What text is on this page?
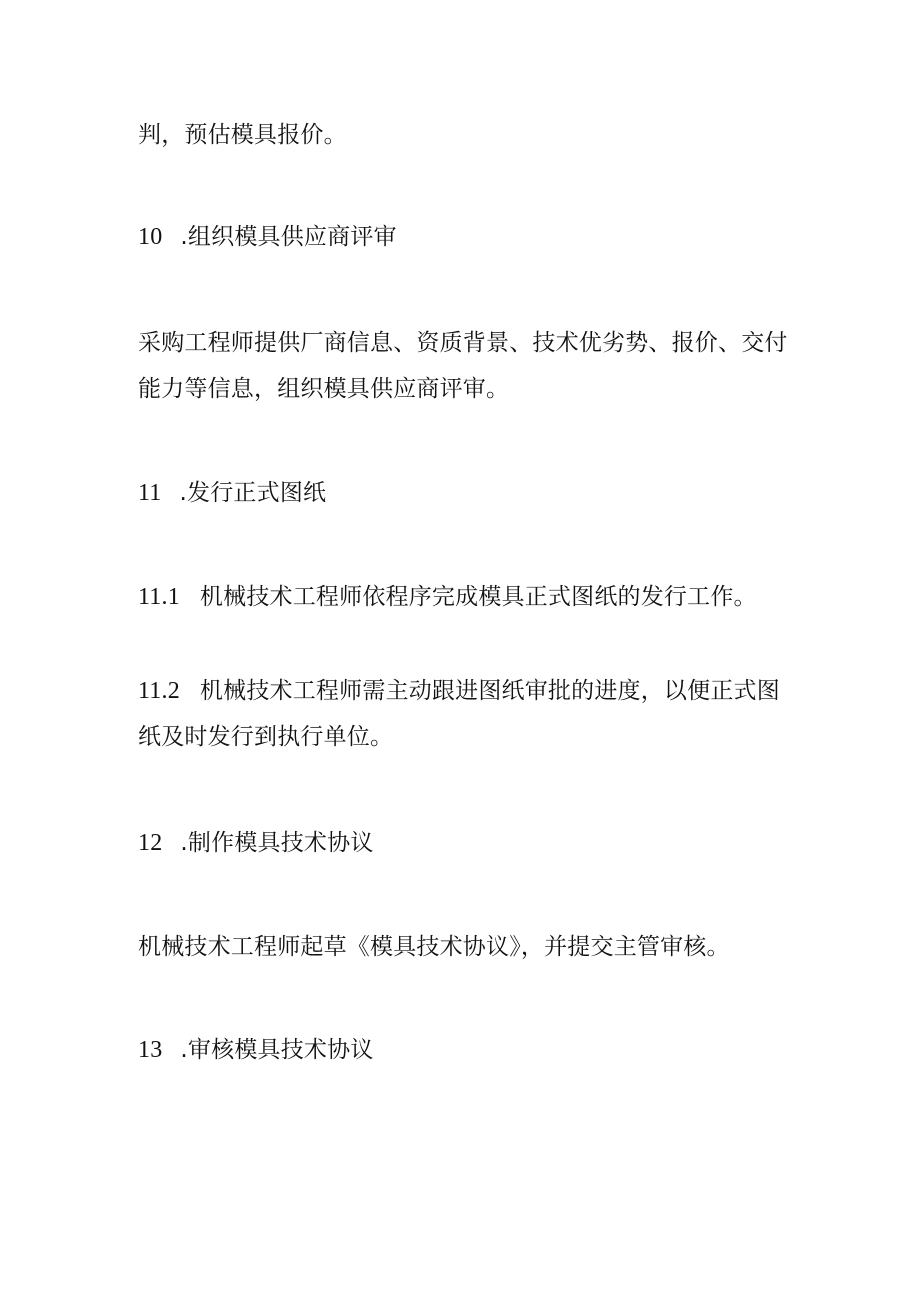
判，预估模具报价。

10 .组织模具供应商评审

采购工程师提供厂商信息、资质背景、技术优劣势、报价、交付

能力等信息，组织模具供应商评审。

11 .发行正式图纸

11.1 机械技术工程师依程序完成模具正式图纸的发行工作。

11.2 机械技术工程师需主动跟进图纸审批的进度，以便正式图

纸及时发行到执行单位。

12 .制作模具技术协议

机械技术工程师起草《模具技术协议》，并提交主管审核。

13 .审核模具技术协议
